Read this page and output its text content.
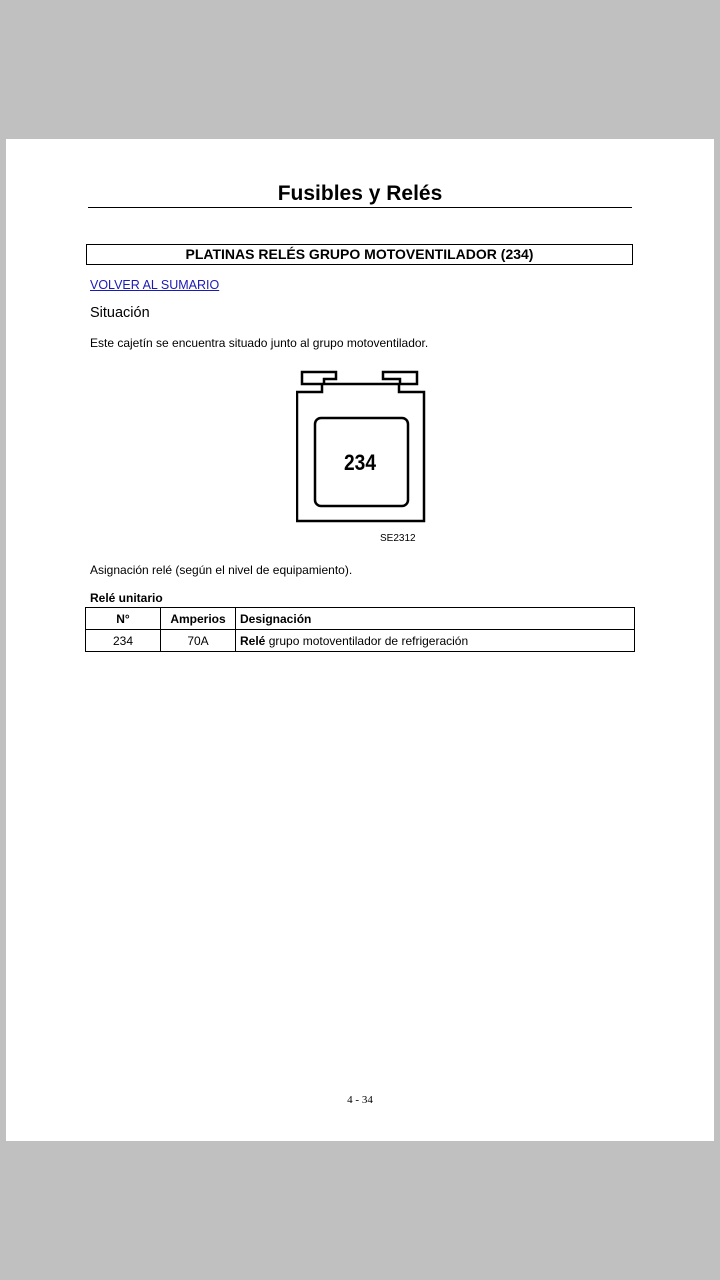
Fusibles y Relés
PLATINAS RELÉS GRUPO MOTOVENTILADOR (234)
VOLVER AL SUMARIO
Situación
Este cajetín se encuentra situado junto al grupo motoventilador.
234
SE2312
Asignación relé (según el nivel de equipamiento).
Relé unitario
N°	Amperios	Designación
234	70A	Relé grupo motoventilador de refrigeración
4 - 34
